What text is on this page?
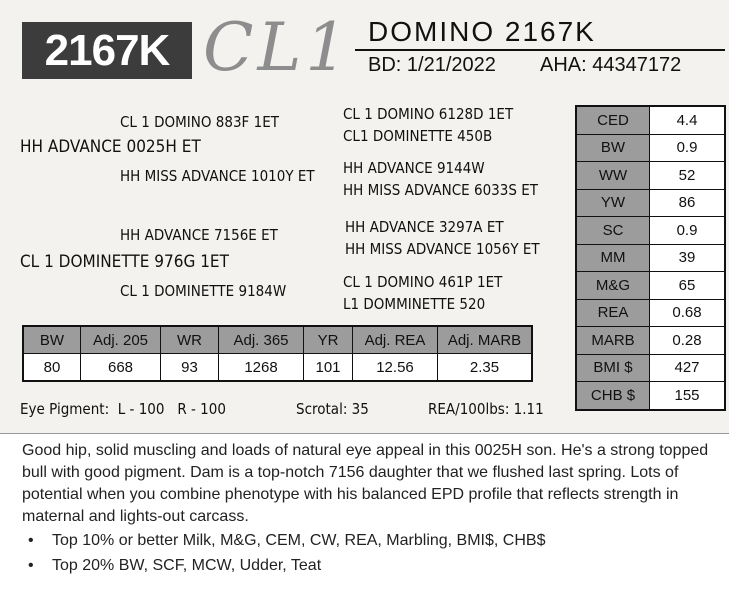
2167K CL1 DOMINO 2167K
BD: 1/21/2022 AHA: 44347172
CL 1 DOMINO 883F 1ET
HH ADVANCE 0025H ET
HH MISS ADVANCE 1010Y ET
CL 1 DOMINO 6128D 1ET
CL1 DOMINETTE 450B
HH ADVANCE 9144W
HH MISS ADVANCE 6033S ET
HH ADVANCE 7156E ET
CL 1 DOMINETTE 976G 1ET
CL 1 DOMINETTE 9184W
HH ADVANCE 3297A ET
HH MISS ADVANCE 1056Y ET
CL 1 DOMINO 461P 1ET
L1 DOMMINETTE 520
CED	4.4
BW	0.9
WW	52
YW	86
SC	0.9
MM	39
M&G	65
REA	0.68
MARB	0.28
BMI $	427
CHB $	155
BW	Adj. 205	WR	Adj. 365	YR	Adj. REA	Adj. MARB
80	668	93	1268	101	12.56	2.35
Eye Pigment:  L - 100   R - 100	Scrotal: 35	REA/100lbs: 1.11
Good hip, solid muscling and loads of natural eye appeal in this 0025H son. He's a strong topped bull with good pigment. Dam is a top-notch 7156 daughter that we flushed last spring. Lots of potential when you combine phenotype with his balanced EPD profile that reflects strength in maternal and lights-out carcass.
• Top 10% or better Milk, M&G, CEM, CW, REA, Marbling, BMI$, CHB$
• Top 20% BW, SCF, MCW, Udder, Teat
